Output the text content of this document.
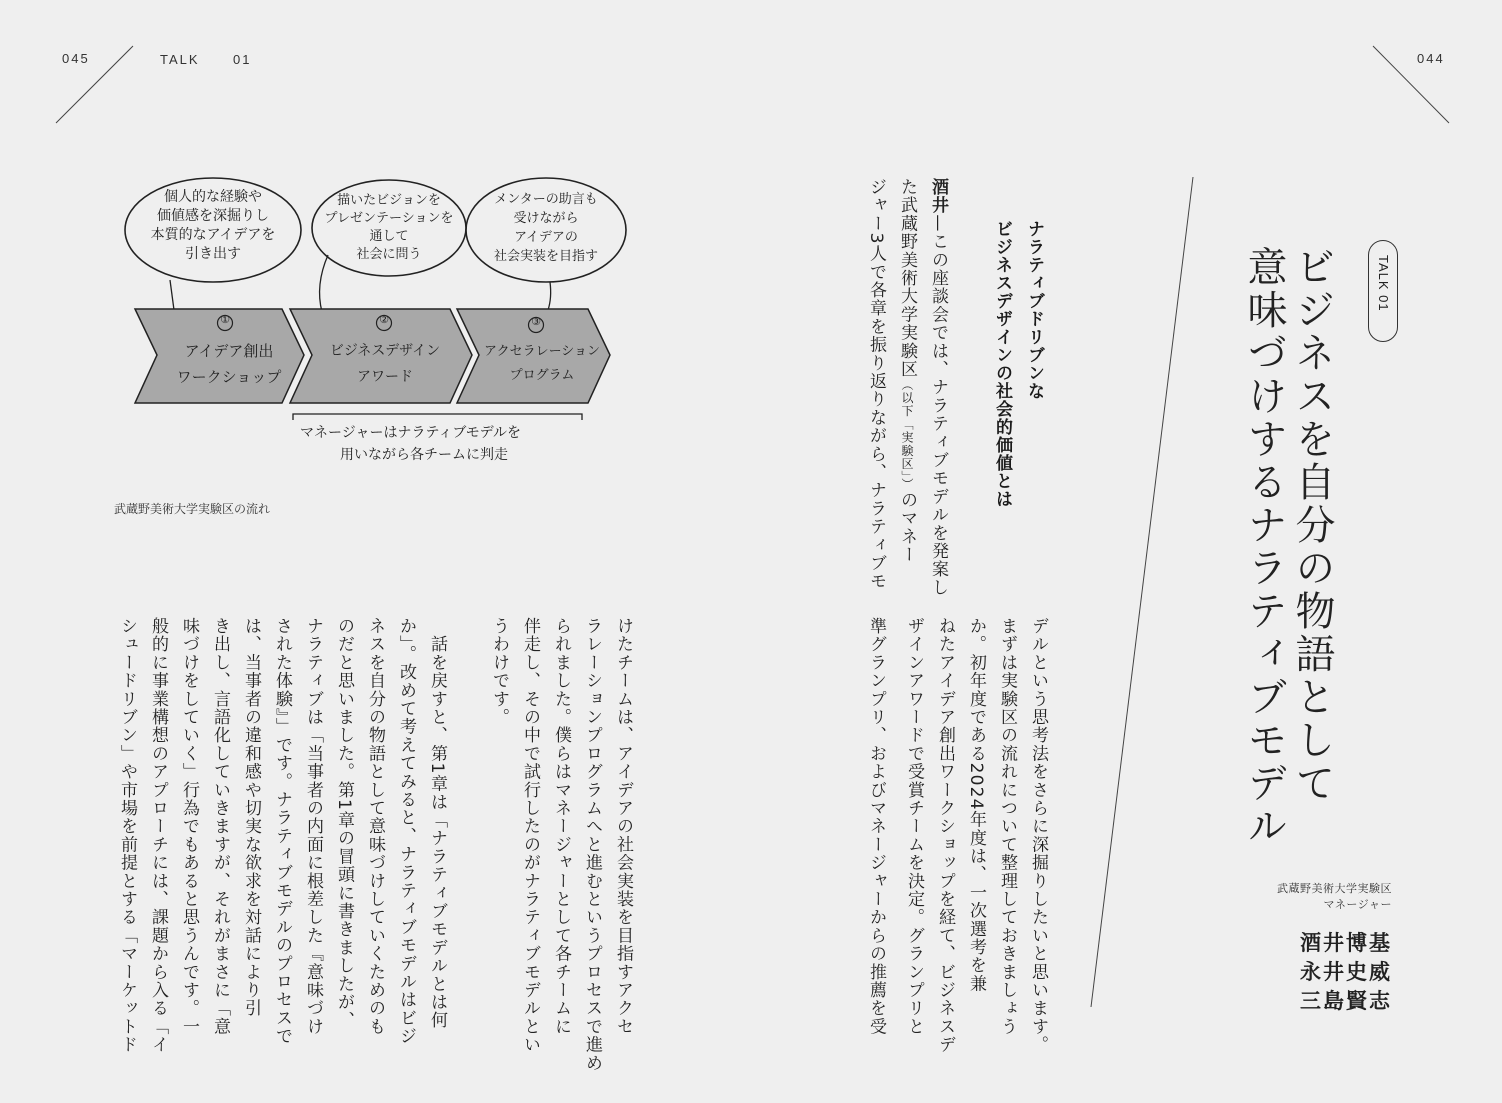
045	TALK	01	044
TALK 01
ビジネスを自分の物語として
意味づけするナラティブモデル
武蔵野美術大学実験区
マネージャー
酒井博基
永井史威
三島賢志
ナラティブドリブンな
ビジネスデザインの社会的価値とは
酒井—この座談会では、ナラティブモデルを発案し
た武蔵野美術大学実験区（以下「実験区」）のマネー
ジャー3人で各章を振り返りながら、ナラティブモ
デルという思考法をさらに深掘りしたいと思います。
まずは実験区の流れについて整理しておきましょう
か。初年度である2024年度は、一次選考を兼
ねたアイデア創出ワークショップを経て、ビジネスデ
ザインアワードで受賞チームを決定。グランプリと
準グランプリ、およびマネージャーからの推薦を受
けたチームは、アイデアの社会実装を目指すアクセ
ラレーションプログラムへと進むというプロセスで進め
られました。僕らはマネージャーとして各チームに
伴走し、その中で試行したのがナラティブモデルとい
うわけです。
　話を戻すと、第1章は「ナラティブモデルとは何
か」。改めて考えてみると、ナラティブモデルはビジ
ネスを自分の物語として意味づけしていくためのも
のだと思いました。第1章の冒頭に書きましたが、
ナラティブは「当事者の内面に根差した『意味づけ
された体験』」です。ナラティブモデルのプロセスで
は、当事者の違和感や切実な欲求を対話により引
き出し、言語化していきますが、それがまさに「意
味づけをしていく」行為でもあると思うんです。一
般的に事業構想のアプローチには、課題から入る「イ
シュードリブン」や市場を前提とする「マーケットド
個人的な経験や
価値感を深掘りし
本質的なアイデアを
引き出す
描いたビジョンを
プレゼンテーションを
通して
社会に問う
メンターの助言も
受けながら
アイデアの
社会実装を目指す
①	②	③
アイデア創出
ワークショップ
ビジネスデザイン
アワード
アクセラレーション
プログラム
マネージャーはナラティブモデルを
用いながら各チームに判走
武蔵野美術大学実験区の流れ
